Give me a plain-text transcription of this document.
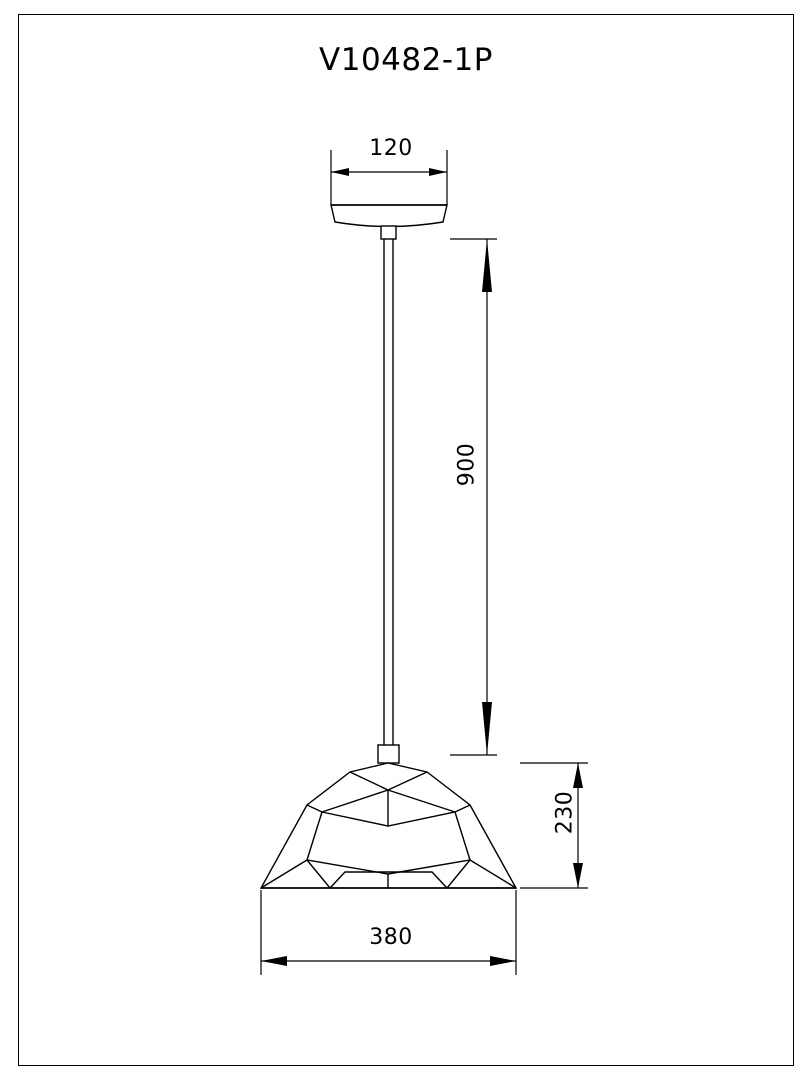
V10482-1P
120
900
230
380
